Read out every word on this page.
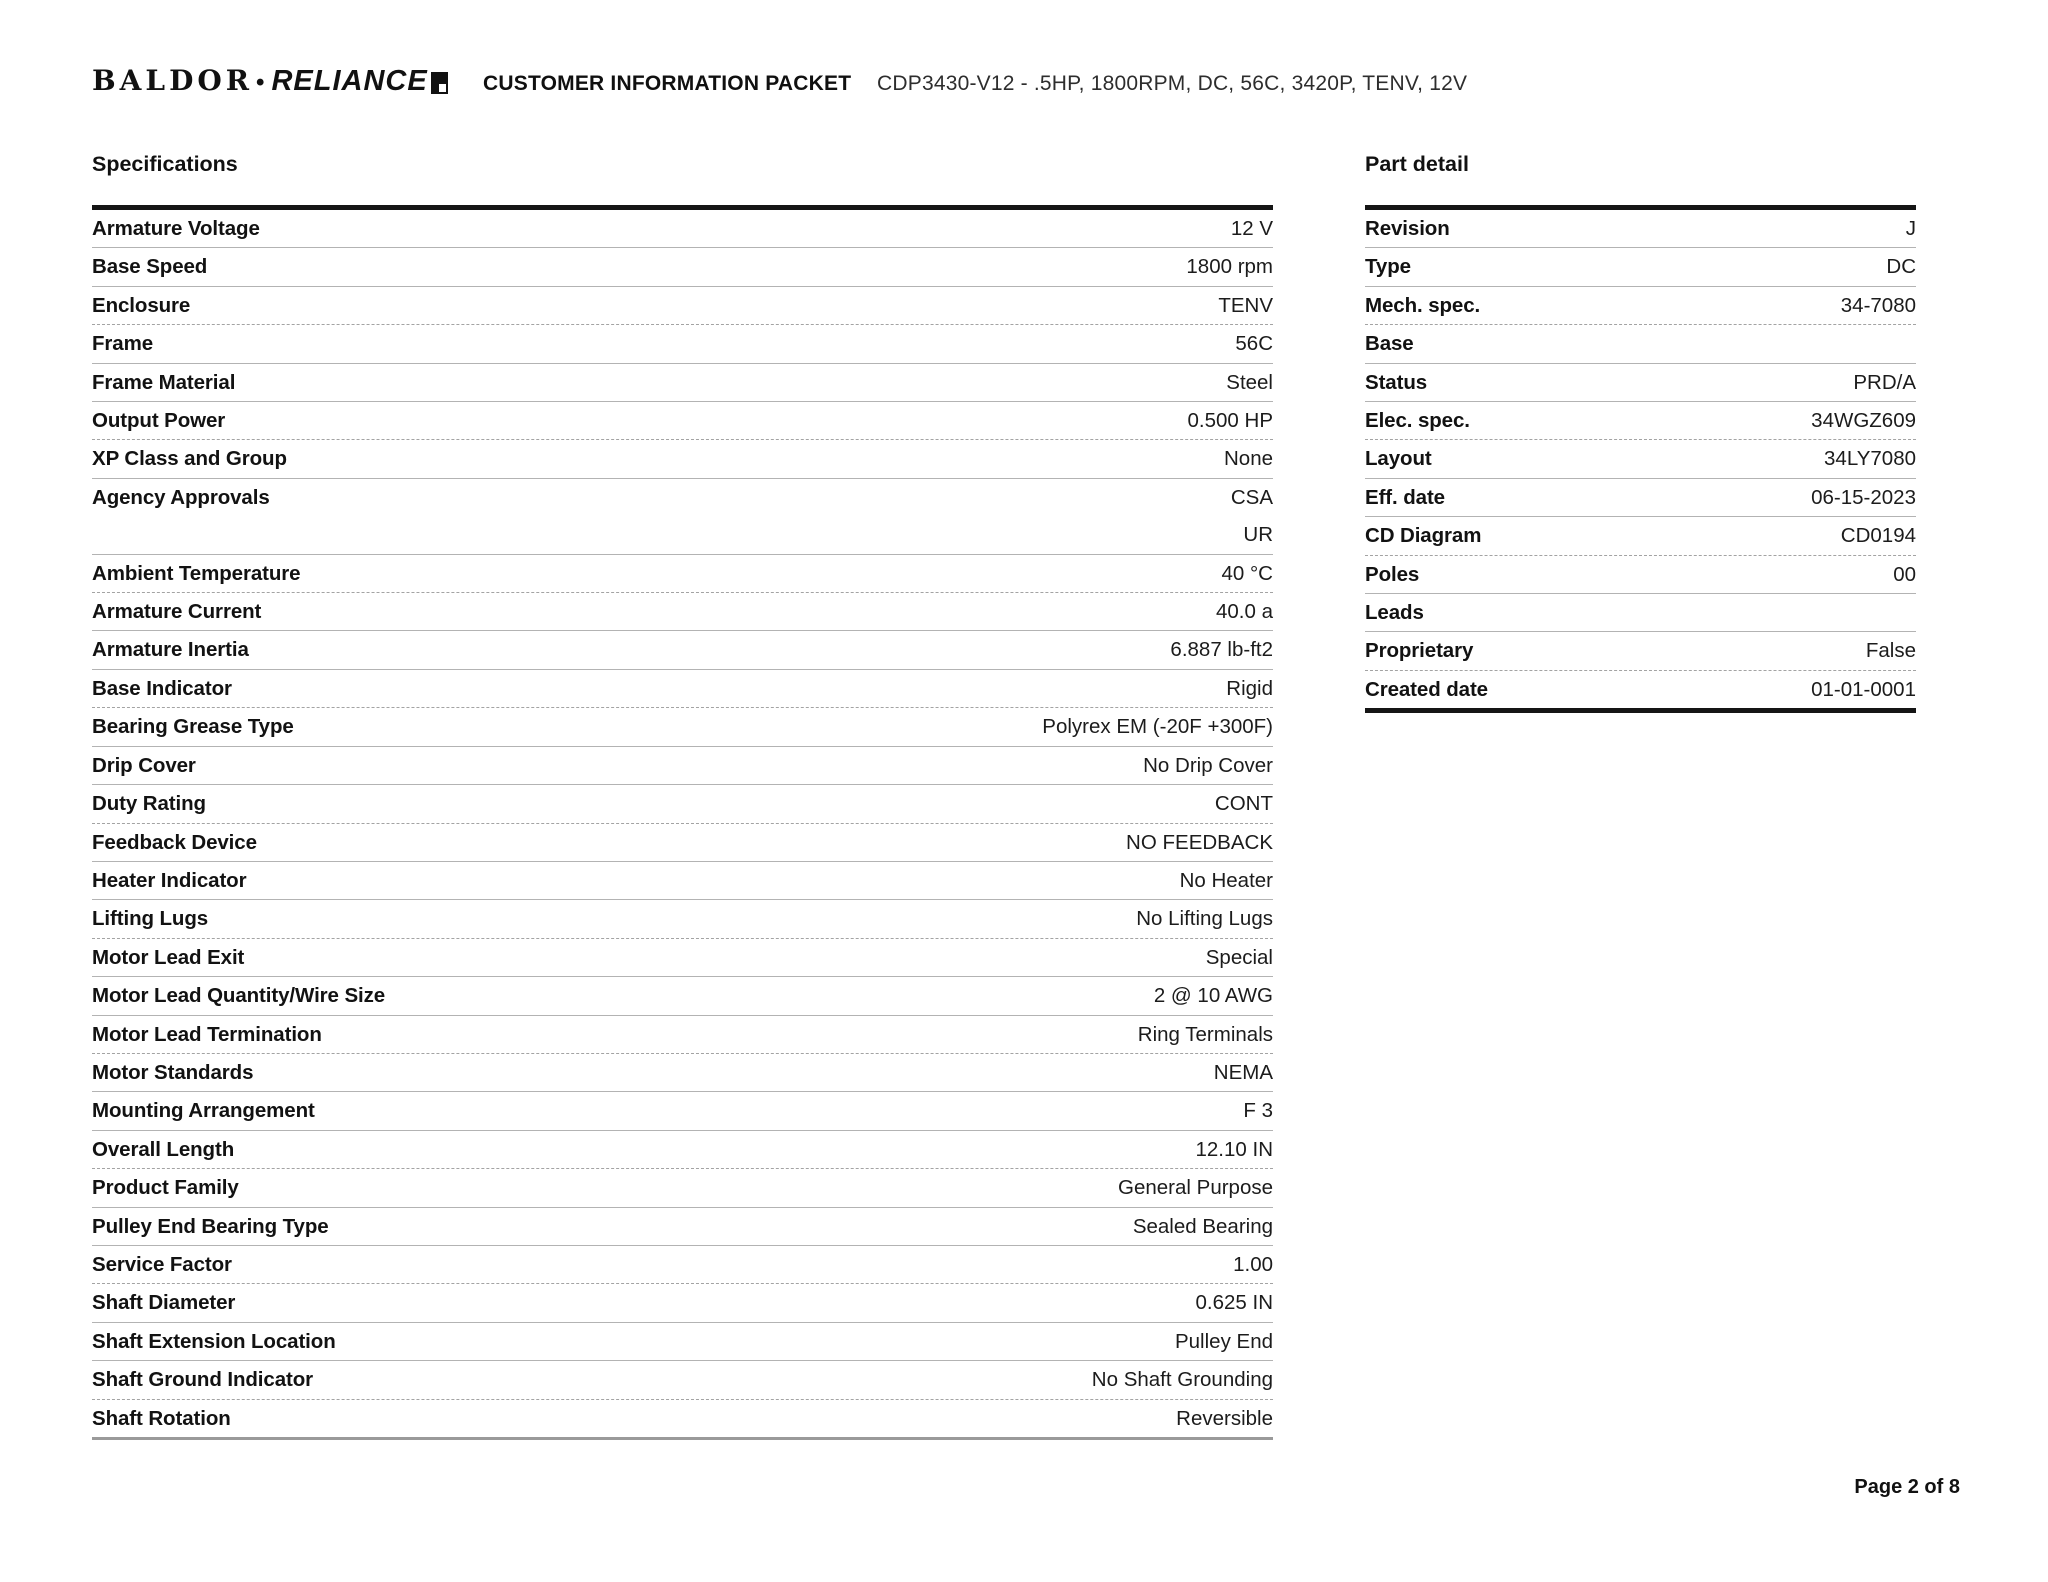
BALDOR • RELIANCE	CUSTOMER INFORMATION PACKET CDP3430-V12 - .5HP, 1800RPM, DC, 56C, 3420P, TENV, 12V
Specifications
Armature Voltage	12 V
Base Speed	1800 rpm
Enclosure	TENV
Frame	56C
Frame Material	Steel
Output Power	0.500 HP
XP Class and Group	None
Agency Approvals	CSA
UR
Ambient Temperature	40 °C
Armature Current	40.0 a
Armature Inertia	6.887 lb-ft2
Base Indicator	Rigid
Bearing Grease Type	Polyrex EM (-20F +300F)
Drip Cover	No Drip Cover
Duty Rating	CONT
Feedback Device	NO FEEDBACK
Heater Indicator	No Heater
Lifting Lugs	No Lifting Lugs
Motor Lead Exit	Special
Motor Lead Quantity/Wire Size	2 @ 10 AWG
Motor Lead Termination	Ring Terminals
Motor Standards	NEMA
Mounting Arrangement	F 3
Overall Length	12.10 IN
Product Family	General Purpose
Pulley End Bearing Type	Sealed Bearing
Service Factor	1.00
Shaft Diameter	0.625 IN
Shaft Extension Location	Pulley End
Shaft Ground Indicator	No Shaft Grounding
Shaft Rotation	Reversible
Part detail
Revision	J
Type	DC
Mech. spec.	34-7080
Base
Status	PRD/A
Elec. spec.	34WGZ609
Layout	34LY7080
Eff. date	06-15-2023
CD Diagram	CD0194
Poles	00
Leads
Proprietary	False
Created date	01-01-0001
Page 2 of 8
